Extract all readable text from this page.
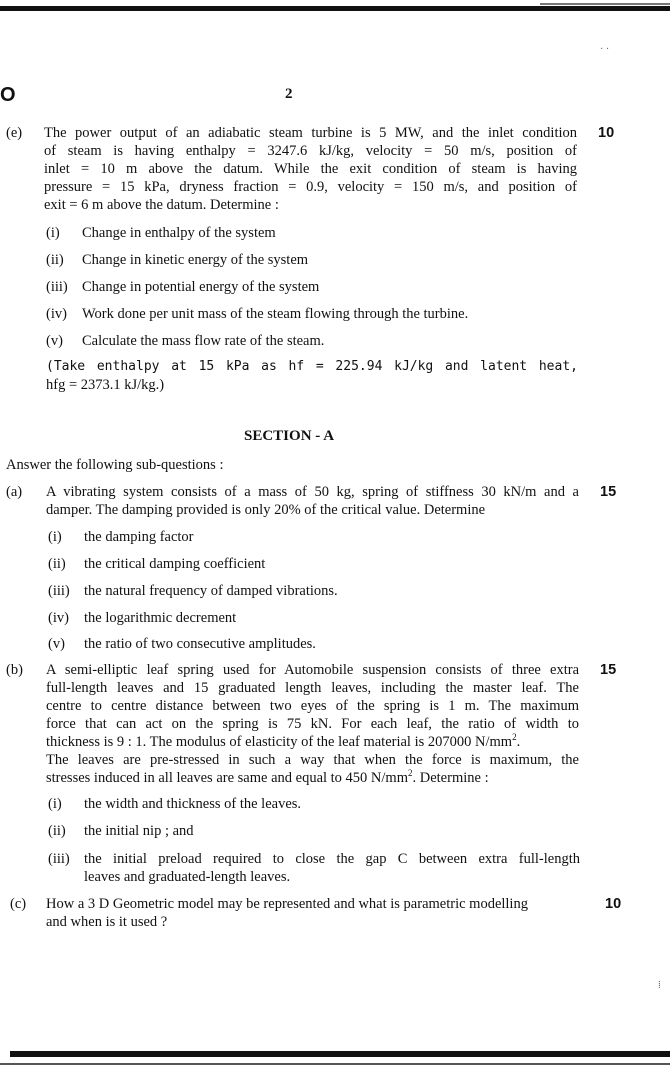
· ·
O	2
(e)	10
The power output of an adiabatic steam turbine is 5 MW, and the inlet condition
of steam is having enthalpy = 3247.6 kJ/kg, velocity = 50 m/s, position of
inlet = 10 m above the datum. While the exit condition of steam is having
pressure = 15 kPa, dryness fraction = 0.9, velocity = 150 m/s, and position of
exit = 6 m above the datum. Determine :
(i) Change in enthalpy of the system
(ii) Change in kinetic energy of the system
(iii) Change in potential energy of the system
(iv) Work done per unit mass of the steam flowing through the turbine.
(v) Calculate the mass flow rate of the steam.
(Take enthalpy at 15 kPa as hf = 225.94 kJ/kg and latent heat,
hfg = 2373.1 kJ/kg.)
SECTION - A
Answer the following sub-questions :
(a)	15
A vibrating system consists of a mass of 50 kg, spring of stiffness 30 kN/m and a
damper. The damping provided is only 20% of the critical value. Determine
(i) the damping factor
(ii) the critical damping coefficient
(iii) the natural frequency of damped vibrations.
(iv) the logarithmic decrement
(v) the ratio of two consecutive amplitudes.
(b)	15
A semi-elliptic leaf spring used for Automobile suspension consists of three extra
full-length leaves and 15 graduated length leaves, including the master leaf. The
centre to centre distance between two eyes of the spring is 1 m. The maximum
force that can act on the spring is 75 kN. For each leaf, the ratio of width to
thickness is 9 : 1. The modulus of elasticity of the leaf material is 207000 $N/mm^2$.
The leaves are pre-stressed in such a way that when the force is maximum, the
stresses induced in all leaves are same and equal to 450 $N/mm^2$. Determine :
(i) the width and thickness of the leaves.
(ii) the initial nip ; and
(iii) the initial preload required to close the gap C between extra full-length
leaves and graduated-length leaves.
(c)	10
How a 3 D Geometric model may be represented and what is parametric modelling
and when is it used ?
⁞
